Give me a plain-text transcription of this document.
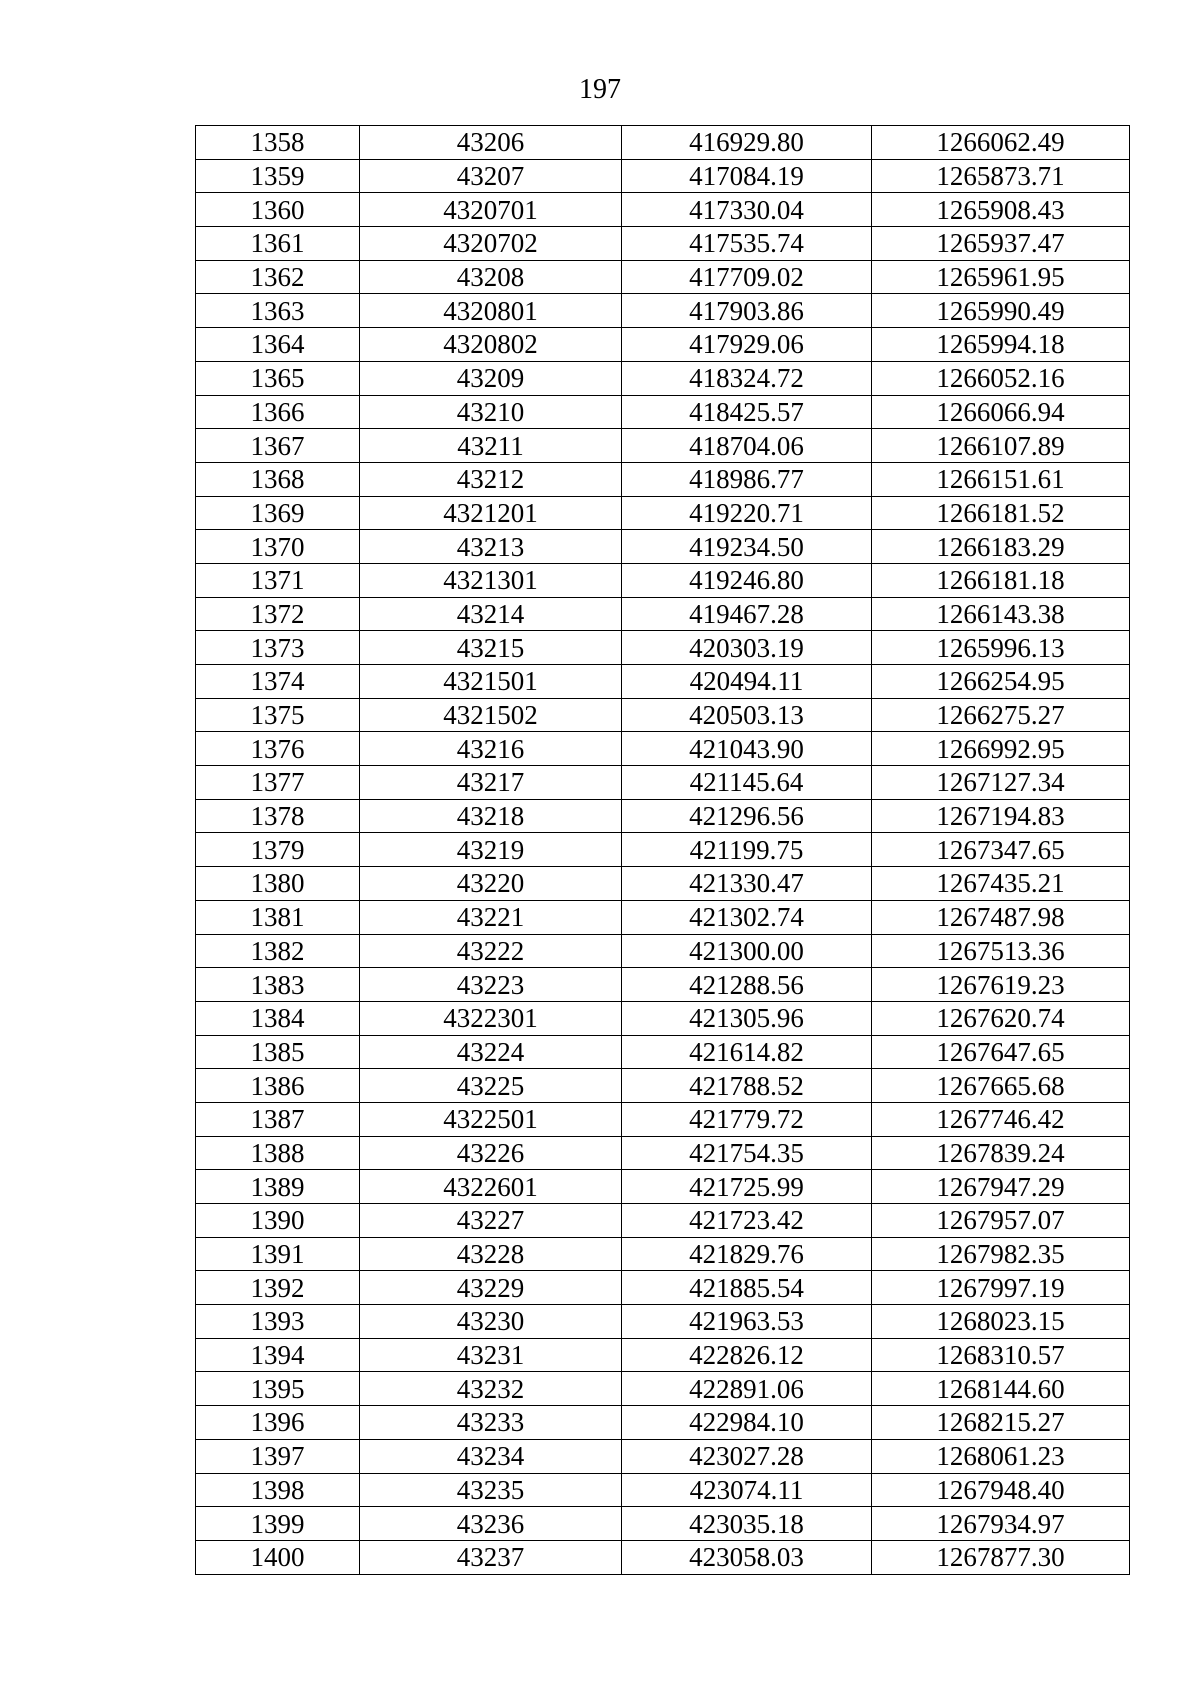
197
1358	43206	416929.80	1266062.49
1359	43207	417084.19	1265873.71
1360	4320701	417330.04	1265908.43
1361	4320702	417535.74	1265937.47
1362	43208	417709.02	1265961.95
1363	4320801	417903.86	1265990.49
1364	4320802	417929.06	1265994.18
1365	43209	418324.72	1266052.16
1366	43210	418425.57	1266066.94
1367	43211	418704.06	1266107.89
1368	43212	418986.77	1266151.61
1369	4321201	419220.71	1266181.52
1370	43213	419234.50	1266183.29
1371	4321301	419246.80	1266181.18
1372	43214	419467.28	1266143.38
1373	43215	420303.19	1265996.13
1374	4321501	420494.11	1266254.95
1375	4321502	420503.13	1266275.27
1376	43216	421043.90	1266992.95
1377	43217	421145.64	1267127.34
1378	43218	421296.56	1267194.83
1379	43219	421199.75	1267347.65
1380	43220	421330.47	1267435.21
1381	43221	421302.74	1267487.98
1382	43222	421300.00	1267513.36
1383	43223	421288.56	1267619.23
1384	4322301	421305.96	1267620.74
1385	43224	421614.82	1267647.65
1386	43225	421788.52	1267665.68
1387	4322501	421779.72	1267746.42
1388	43226	421754.35	1267839.24
1389	4322601	421725.99	1267947.29
1390	43227	421723.42	1267957.07
1391	43228	421829.76	1267982.35
1392	43229	421885.54	1267997.19
1393	43230	421963.53	1268023.15
1394	43231	422826.12	1268310.57
1395	43232	422891.06	1268144.60
1396	43233	422984.10	1268215.27
1397	43234	423027.28	1268061.23
1398	43235	423074.11	1267948.40
1399	43236	423035.18	1267934.97
1400	43237	423058.03	1267877.30
